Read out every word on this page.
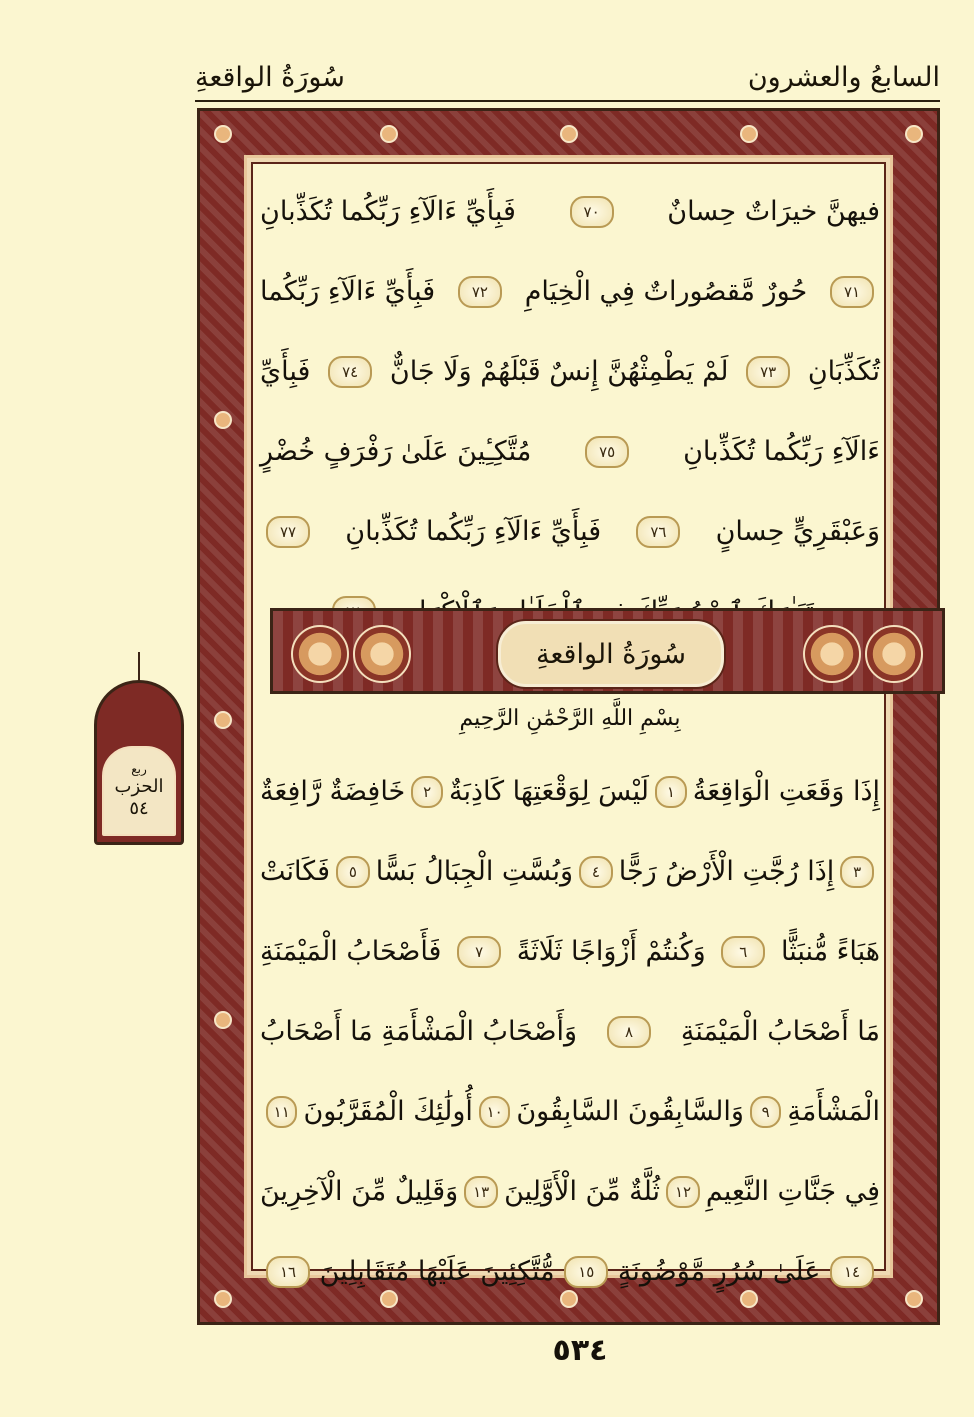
السابعُ والعشرون
سُورَةُ الواقعةِ
فيهنَّ خيرَاتٌ حِسانٌ
٧٠
فَبِأَيِّ ءَالَآءِ رَبِّكُما تُكَذِّبانِ
٧١
حُورٌ مَّقصُوراتٌ فِي الْخِيَامِ
٧٢
فَبِأَيِّ ءَالَآءِ رَبِّكُما
تُكَذِّبَانِ
٧٣
لَمْ يَطْمِثْهُنَّ إِنسٌ قَبْلَهُمْ وَلَا جَانٌّ
٧٤
فَبِأَيِّ
ءَالَآءِ رَبِّكُما تُكَذِّبانِ
٧٥
مُتَّكِـِٔينَ عَلَىٰ رَفْرَفٍ خُضْرٍ
وَعَبْقَرِيٍّ حِسانٍ
٧٦
فَبِأَيِّ ءَالَآءِ رَبِّكُما تُكَذِّبانِ
٧٧
إِذَا وَقَعَتِ الْوَاقِعَةُ
١
لَيْسَ لِوَقْعَتِهَا كَاذِبَةٌ
٢
خَافِضَةٌ رَّافِعَةٌ
٣
إِذَا رُجَّتِ الْأَرْضُ رَجًّا
٤
وَبُسَّتِ الْجِبَالُ بَسًّا
٥
فَكَانَتْ
هَبَاءً مُّنبَثًّا
٦
وَكُنتُمْ أَزْوَاجًا ثَلَاثَةً
٧
فَأَصْحَابُ الْمَيْمَنَةِ
مَا أَصْحَابُ الْمَيْمَنَةِ
٨
وَأَصْحَابُ الْمَشْأَمَةِ مَا أَصْحَابُ
الْمَشْأَمَةِ
٩
وَالسَّابِقُونَ السَّابِقُونَ
١٠
أُولَٰئِكَ الْمُقَرَّبُونَ
١١
فِي جَنَّاتِ النَّعِيمِ
١٢
ثُلَّةٌ مِّنَ الْأَوَّلِينَ
١٣
وَقَلِيلٌ مِّنَ الْآخِرِينَ
١٤
عَلَىٰ سُرُرٍ مَّوْضُونَةٍ
١٥
مُّتَّكِئِينَ عَلَيْهَا مُتَقَابِلِينَ
١٦
سُورَةُ الواقعةِ
بِسْمِ اللَّهِ الرَّحْمَٰنِ الرَّحِيمِ
ربع
الحزب
٥٤
٥٣٤
